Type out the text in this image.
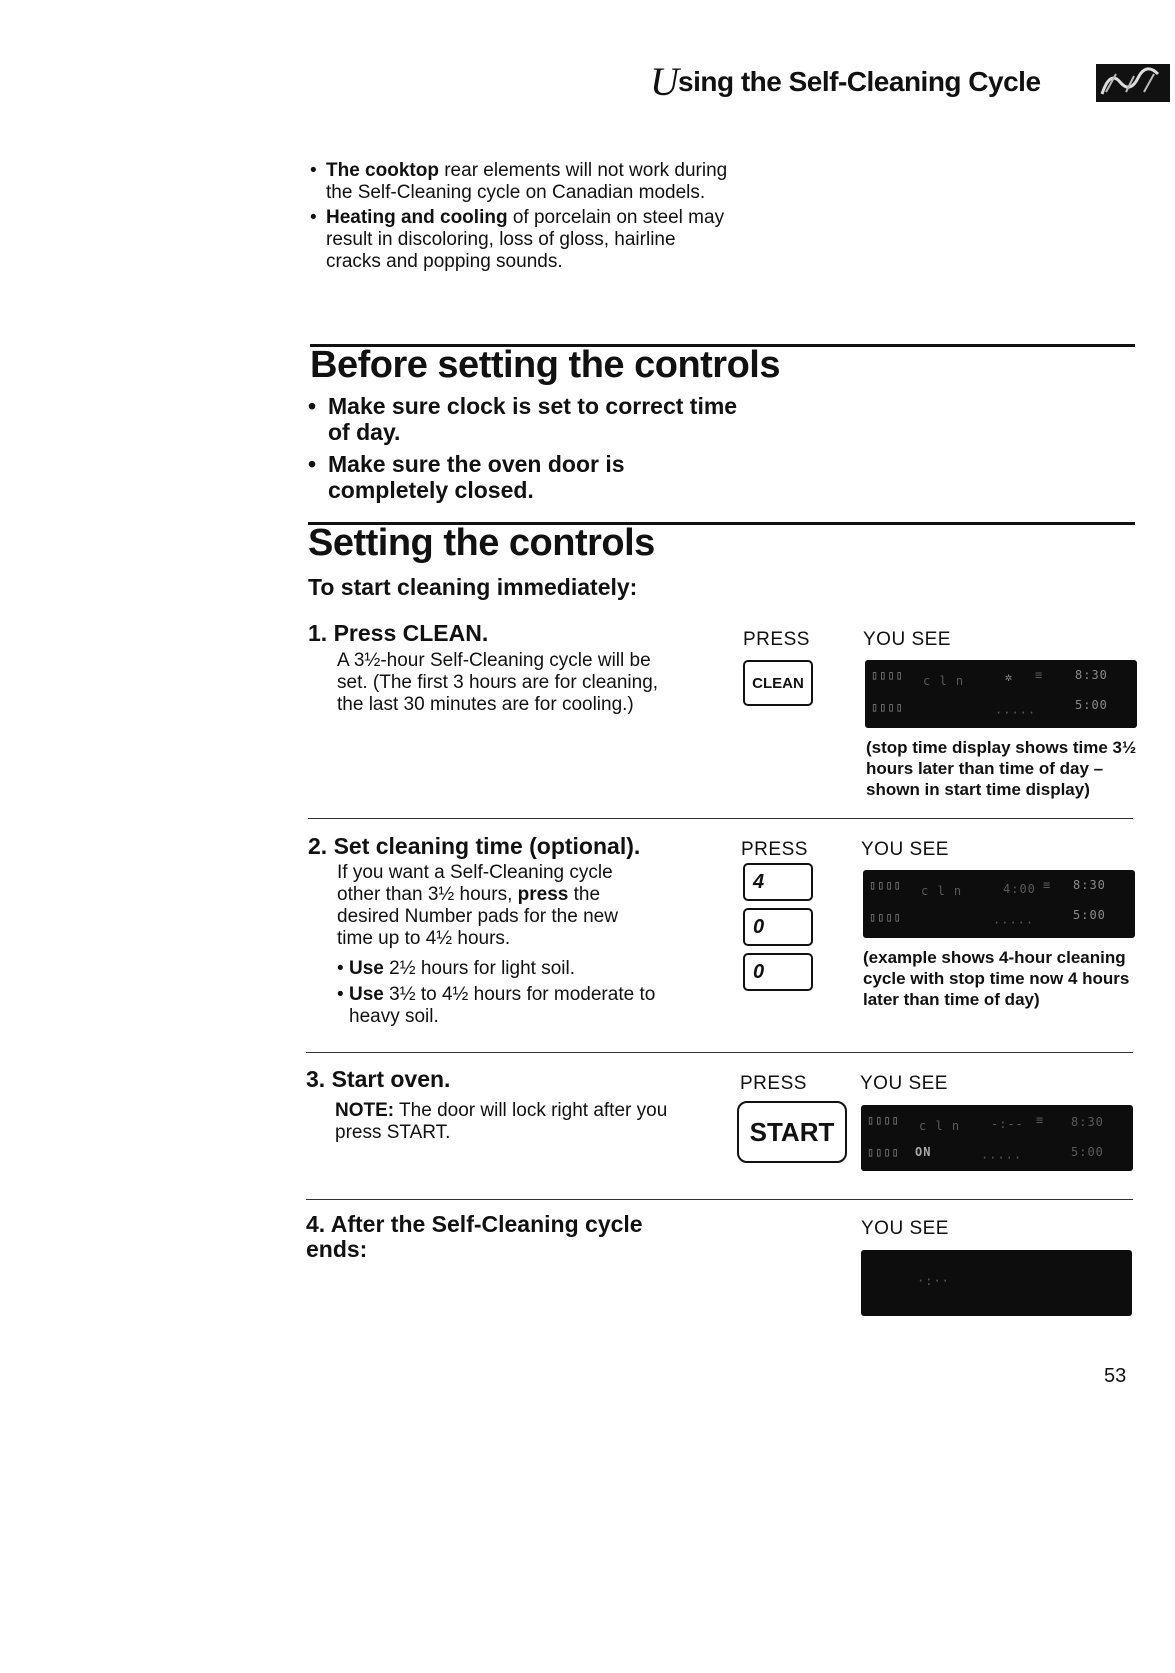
U sing the Self-Cleaning Cycle
• The cooktop rear elements will not work during the Self-Cleaning cycle on Canadian models.
• Heating and cooling of porcelain on steel may result in discoloring, loss of gloss, hairline cracks and popping sounds.
Before setting the controls
• Make sure clock is set to correct time of day.
• Make sure the oven door is completely closed.
Setting the controls
To start cleaning immediately:
1. Press CLEAN.
A 3½-hour Self-Cleaning cycle will be set. (The first 3 hours are for cleaning, the last 30 minutes are for cooling.)
PRESS	YOU SEE
CLEAN	▯▯▯▯ c l n	✲ ≡	8:30
▯▯▯▯	·····
5:00
(stop time display shows time 3½ hours later than time of day – shown in start time display)
2. Set cleaning time (optional).
If you want a Self-Cleaning cycle other than 3½ hours, press the desired Number pads for the new time up to 4½ hours.
• Use 2½ hours for light soil.
• Use 3½ to 4½ hours for moderate to heavy soil.
PRESS	YOU SEE
4
0
0
▯▯▯▯ c l n	4:00 ≡ 8:30
▯▯▯▯	·····
5:00
(example shows 4-hour cleaning cycle with stop time now 4 hours later than time of day)
3. Start oven.
NOTE: The door will lock right after you press START.
PRESS	YOU SEE
START	▯▯▯▯ c l n	-:-- ≡ 8:30
▯▯▯▯ ON	·····	5:00
4. After the Self-Cleaning cycle ends:
YOU SEE
·:··
53
